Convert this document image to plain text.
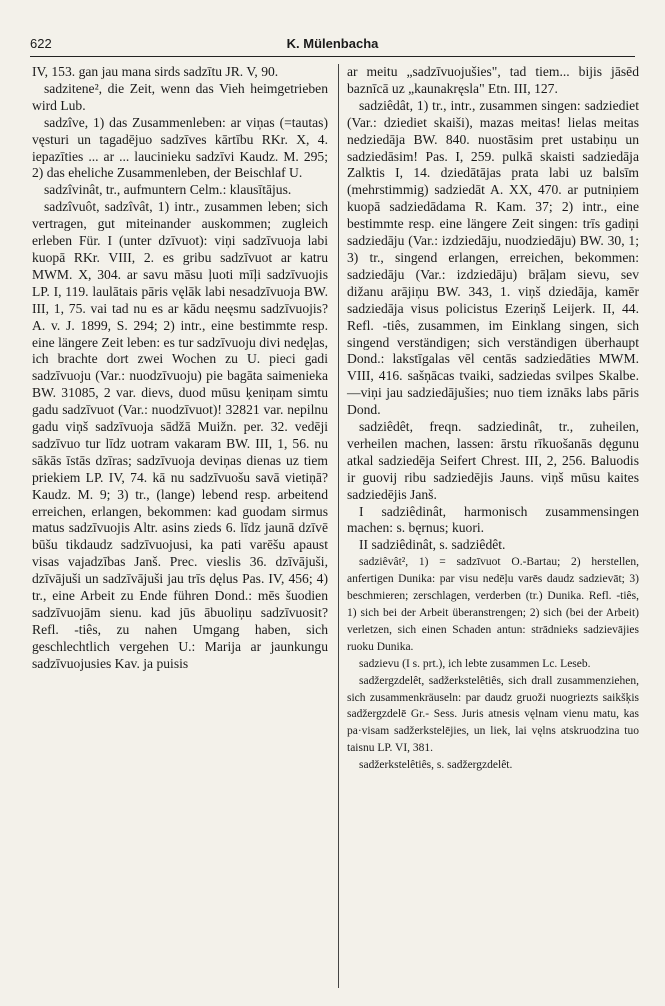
622	K. Mülenbacha

IV, 153. gan jau mana sirds sadzītu JR. V, 90.

sadzitene², die Zeit, wenn das Vieh heimgetrieben wird Lub.

sadzîve, 1) das Zusammenleben: ar viņas (=tautas) vęsturi un tagadējuo sadzīves kārtību RKr. X, 4. iepazīties ... ar ... laucinieku sadzīvi Kaudz. M. 295; 2) das eheliche Zusammenleben, der Beischlaf U.

sadzîvinât, tr., aufmuntern Celm.: klausītājus.

sadzîvuôt, sadzîvât, 1) intr., zusammen leben; sich vertragen, gut miteinander auskommen; zugleich erleben Für. I (unter dzīvuot): viņi sadzīvuoja labi kuopā RKr. VIII, 2. es gribu sadzīvuot ar katru MWM. X, 304. ar savu māsu ļuoti mīļi sadzīvuojis LP. I, 119. laulātais pāris vęlāk labi nesadzīvuoja BW. III, 1, 75. vai tad nu es ar kādu neęsmu sadzīvuojis? A. v. J. 1899, S. 294; 2) intr., eine bestimmte resp. eine längere Zeit leben: es tur sadzīvuoju divi nedęļas, ich brachte dort zwei Wochen zu U. pieci gadi sadzīvuoju (Var.: nuodzīvuoju) pie bagāta saimenieka BW. 31085, 2 var. dievs, duod mūsu ķeniņam simtu gadu sadzīvuot (Var.: nuodzīvuot)! 32821 var. nepilnu gadu viņš sadzīvuoja sādžā Muižn. per. 32. vedēji sadzīvuo tur līdz uotram vakaram BW. III, 1, 56. nu sākās īstās dzīras; sadzīvuoja deviņas dienas uz tiem priekiem LP. IV, 74. kā nu sadzīvuošu savā vietiņā? Kaudz. M. 9; 3) tr., (lange) lebend resp. arbeitend erreichen, erlangen, bekommen: kad guodam sirmus matus sadzīvuojis Altr. asins zieds 6. līdz jaunā dzīvē būšu tikdaudz sadzīvuojusi, ka pati varēšu apaust visas vajadzības Janš. Prec. vieslis 36. dzīvājuši, dzīvājuši un sadzīvājuši jau trīs dęlus Pas. IV, 456; 4) tr., eine Arbeit zu Ende führen Dond.: mēs šuodien sadzīvuojām sienu. kad jūs ābuoliņu sadzīvuosit? Refl. -tiês, zu nahen Umgang haben, sich geschlechtlich vergehen U.: Marija ar jaunkungu sadzīvuojusies Kav. ja puisis

ar meitu „sadzīvuojušies", tad tiem... bijis jāsēd baznīcā uz „kaunakręsla" Etn. III, 127.

sadziêdât, 1) tr., intr., zusammen singen: sadziediet (Var.: dziediet skaiši), mazas meitas! lielas meitas nedziedāja BW. 840. nuostāsim pret ustabiņu un sadziedāsim! Pas. I, 259. pulkā skaisti sadziedāja Zalktis I, 14. dziedātājas prata labi uz balsīm (mehrstimmig) sadziedāt A. XX, 470. ar putniņiem kuopā sadziedādama R. Kam. 37; 2) intr., eine bestimmte resp. eine längere Zeit singen: trīs gadiņi sadziedāju (Var.: izdziedāju, nuodziedāju) BW. 30, 1; 3) tr., singend erlangen, erreichen, bekommen: sadziedāju (Var.: izdziedāju) brāļam sievu, sev dižanu arājiņu BW. 343, 1. viņš dziedāja, kamēr sadziedāja visus policistus Ezeriņš Leijerk. II, 44. Refl. -tiês, zusammen, im Einklang singen, sich singend verständigen; sich verständigen überhaupt Dond.: lakstīgalas vēl centās sadziedāties MWM. VIII, 416. sašņācas tvaiki, sadziedas svilpes Skalbe.—viņi jau sadziedājušies; nuo tiem iznāks labs pāris Dond.

sadziêdêt, freqn. sadziedinât, tr., zuheilen, verheilen machen, lassen: ārstu rīkuošanās dęgunu atkal sadziedēja Seifert Chrest. III, 2, 256. Baluodis ir guovij ribu sadziedējis Jauns. viņš mūsu kaites sadziedējis Janš.

I sadziêdinât, harmonisch zusammensingen machen: s. bęrnus; kuori.

II sadziêdinât, s. sadziêdêt.

sadziêvât², 1) = sadzīvuot O.-Bartau; 2) herstellen, anfertigen Dunika: par visu nedēļu varēs daudz sadzievāt; 3) beschmieren; zerschlagen, verderben (tr.) Dunika. Refl. -tiês, 1) sich bei der Arbeit überanstrengen; 2) sich (bei der Arbeit) verletzen, sich einen Schaden antun: strādnieks sadzievājies ruoku Dunika.

sadzievu (I s. prt.), ich lebte zusammen Lc. Leseb.

sadžergzdelêt, sadžerkstelêtiês, sich drall zusammenziehen, sich zusammenkräuseln: par daudz gruoži nuogriezts saikšķis sadžergzdelē Gr.- Sess. Juris atnesis vęlnam vienu matu, kas pa·visam sadžerkstelējies, un liek, lai vęlns atskruodzina tuo taisnu LP. VI, 381.

sadžerkstelêtiês, s. sadžergzdelêt.
